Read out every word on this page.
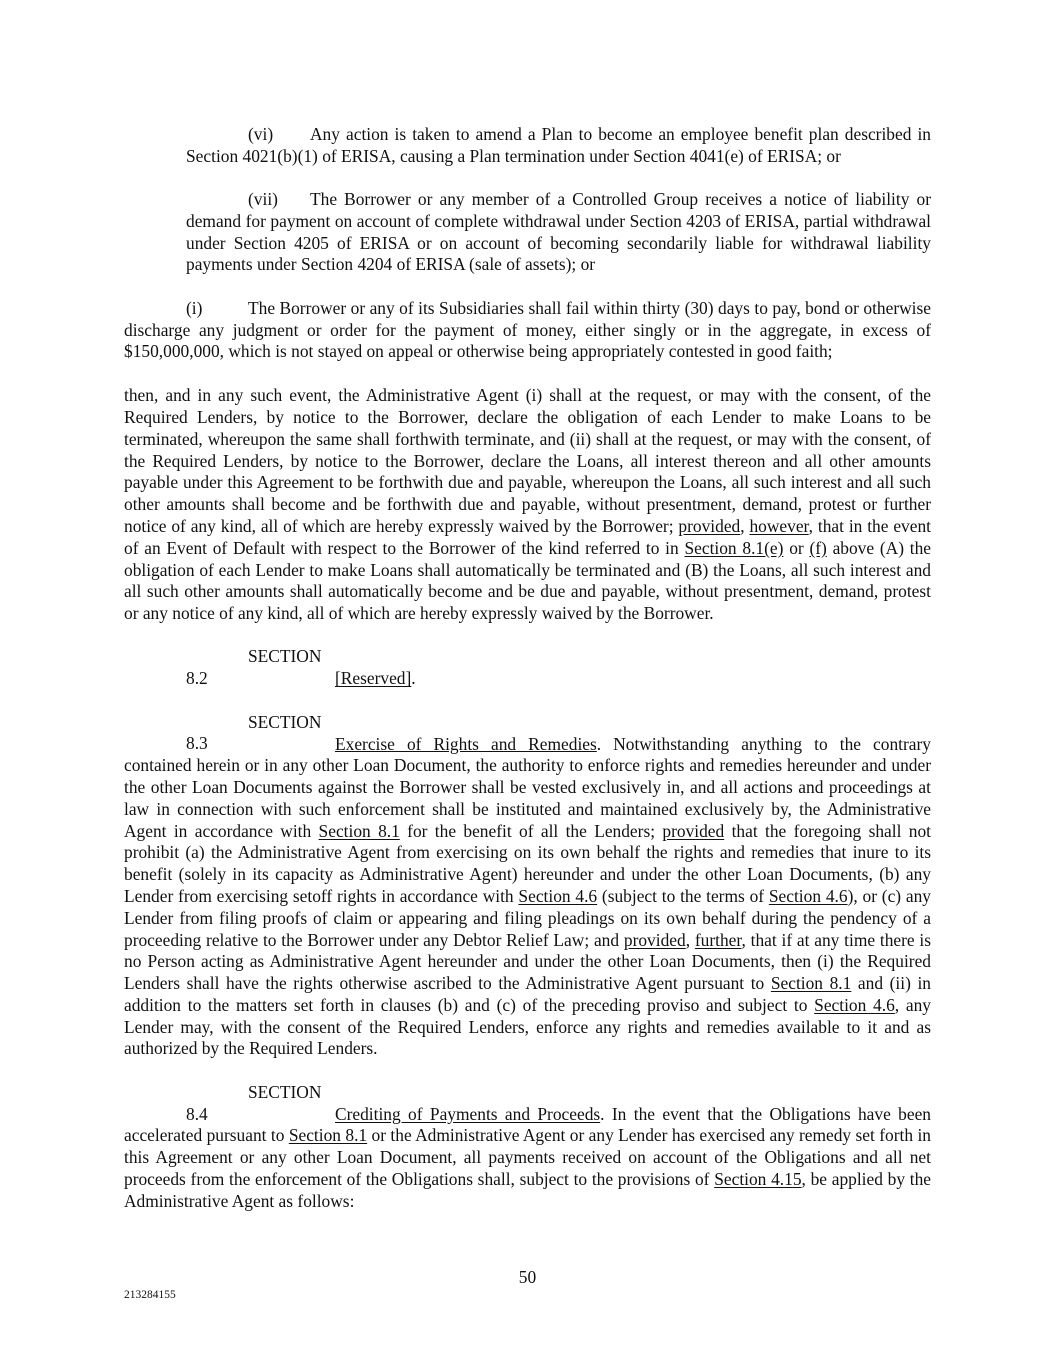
(vi) Any action is taken to amend a Plan to become an employee benefit plan described in Section 4021(b)(1) of ERISA, causing a Plan termination under Section 4041(e) of ERISA; or

(vii) The Borrower or any member of a Controlled Group receives a notice of liability or demand for payment on account of complete withdrawal under Section 4203 of ERISA, partial withdrawal under Section 4205 of ERISA or on account of becoming secondarily liable for withdrawal liability payments under Section 4204 of ERISA (sale of assets); or

(i)	The Borrower or any of its Subsidiaries shall fail within thirty (30) days to pay, bond or otherwise discharge any judgment or order for the payment of money, either singly or in the aggregate, in excess of $150,000,000, which is not stayed on appeal or otherwise being appropriately contested in good faith;

then, and in any such event, the Administrative Agent (i) shall at the request, or may with the consent, of the Required Lenders, by notice to the Borrower, declare the obligation of each Lender to make Loans to be terminated, whereupon the same shall forthwith terminate, and (ii) shall at the request, or may with the consent, of the Required Lenders, by notice to the Borrower, declare the Loans, all interest thereon and all other amounts payable under this Agreement to be forthwith due and payable, whereupon the Loans, all such interest and all such other amounts shall become and be forthwith due and payable, without presentment, demand, protest or further notice of any kind, all of which are hereby expressly waived by the Borrower; provided, however, that in the event of an Event of Default with respect to the Borrower of the kind referred to in Section 8.1(e) or (f) above (A) the obligation of each Lender to make Loans shall automatically be terminated and (B) the Loans, all such interest and all such other amounts shall automatically become and be due and payable, without presentment, demand, protest or any notice of any kind, all of which are hereby expressly waived by the Borrower.

SECTION 8.2	[Reserved].

SECTION 8.3	Exercise of Rights and Remedies. Notwithstanding anything to the contrary contained herein or in any other Loan Document, the authority to enforce rights and remedies hereunder and under the other Loan Documents against the Borrower shall be vested exclusively in, and all actions and proceedings at law in connection with such enforcement shall be instituted and maintained exclusively by, the Administrative Agent in accordance with Section 8.1 for the benefit of all the Lenders; provided that the foregoing shall not prohibit (a) the Administrative Agent from exercising on its own behalf the rights and remedies that inure to its benefit (solely in its capacity as Administrative Agent) hereunder and under the other Loan Documents, (b) any Lender from exercising setoff rights in accordance with Section 4.6 (subject to the terms of Section 4.6), or (c) any Lender from filing proofs of claim or appearing and filing pleadings on its own behalf during the pendency of a proceeding relative to the Borrower under any Debtor Relief Law; and provided, further, that if at any time there is no Person acting as Administrative Agent hereunder and under the other Loan Documents, then (i) the Required Lenders shall have the rights otherwise ascribed to the Administrative Agent pursuant to Section 8.1 and (ii) in addition to the matters set forth in clauses (b) and (c) of the preceding proviso and subject to Section 4.6, any Lender may, with the consent of the Required Lenders, enforce any rights and remedies available to it and as authorized by the Required Lenders.

SECTION 8.4	Crediting of Payments and Proceeds. In the event that the Obligations have been accelerated pursuant to Section 8.1 or the Administrative Agent or any Lender has exercised any remedy set forth in this Agreement or any other Loan Document, all payments received on account of the Obligations and all net proceeds from the enforcement of the Obligations shall, subject to the provisions of Section 4.15, be applied by the Administrative Agent as follows:

50
213284155
